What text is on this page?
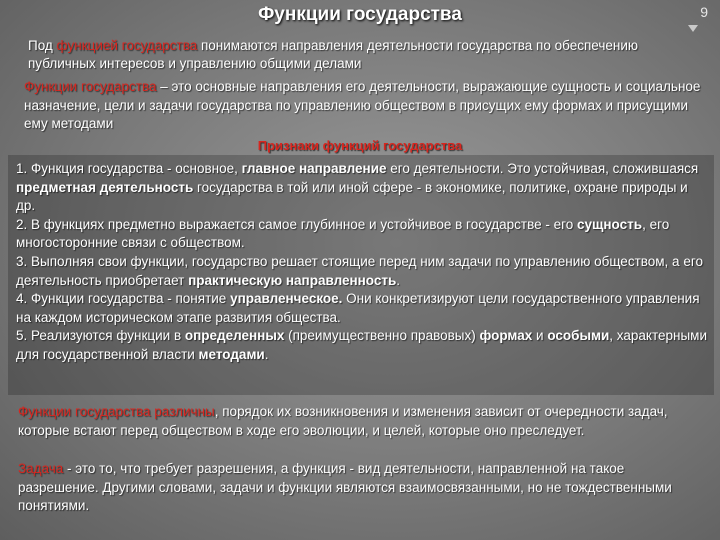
Функции государства	9

Под функцией государства понимаются направления деятельности государства по обеспечению публичных интересов и управлению общими делами

Функции государства – это основные направления его деятельности, выражающие сущность и социальное назначение, цели и задачи государства по управлению обществом в присущих ему формах и присущими ему методами

Признаки функций государства

1. Функция государства - основное, главное направление его деятельности. Это устойчивая, сложившаяся предметная деятельность государства в той или иной сфере - в экономике, политике, охране природы и др.
2. В функциях предметно выражается самое глубинное и устойчивое в государстве - его сущность, его многосторонние связи с обществом.
3. Выполняя свои функции, государство решает стоящие перед ним задачи по управлению обществом, а его деятельность приобретает практическую направленность.
4. Функции государства - понятие управленческое. Они конкретизируют цели государственного управления на каждом историческом этапе развития общества.
5. Реализуются функции в определенных (преимущественно правовых) формах и особыми, характерными для государственной власти методами.

Функции государства различны, порядок их возникновения и изменения зависит от очередности задач, которые встают перед обществом в ходе его эволюции, и целей, которые оно преследует.

Задача - это то, что требует разрешения, а функция - вид деятельности, направленной на такое разрешение. Другими словами, задачи и функции являются взаимосвязанными, но не тождественными понятиями.
